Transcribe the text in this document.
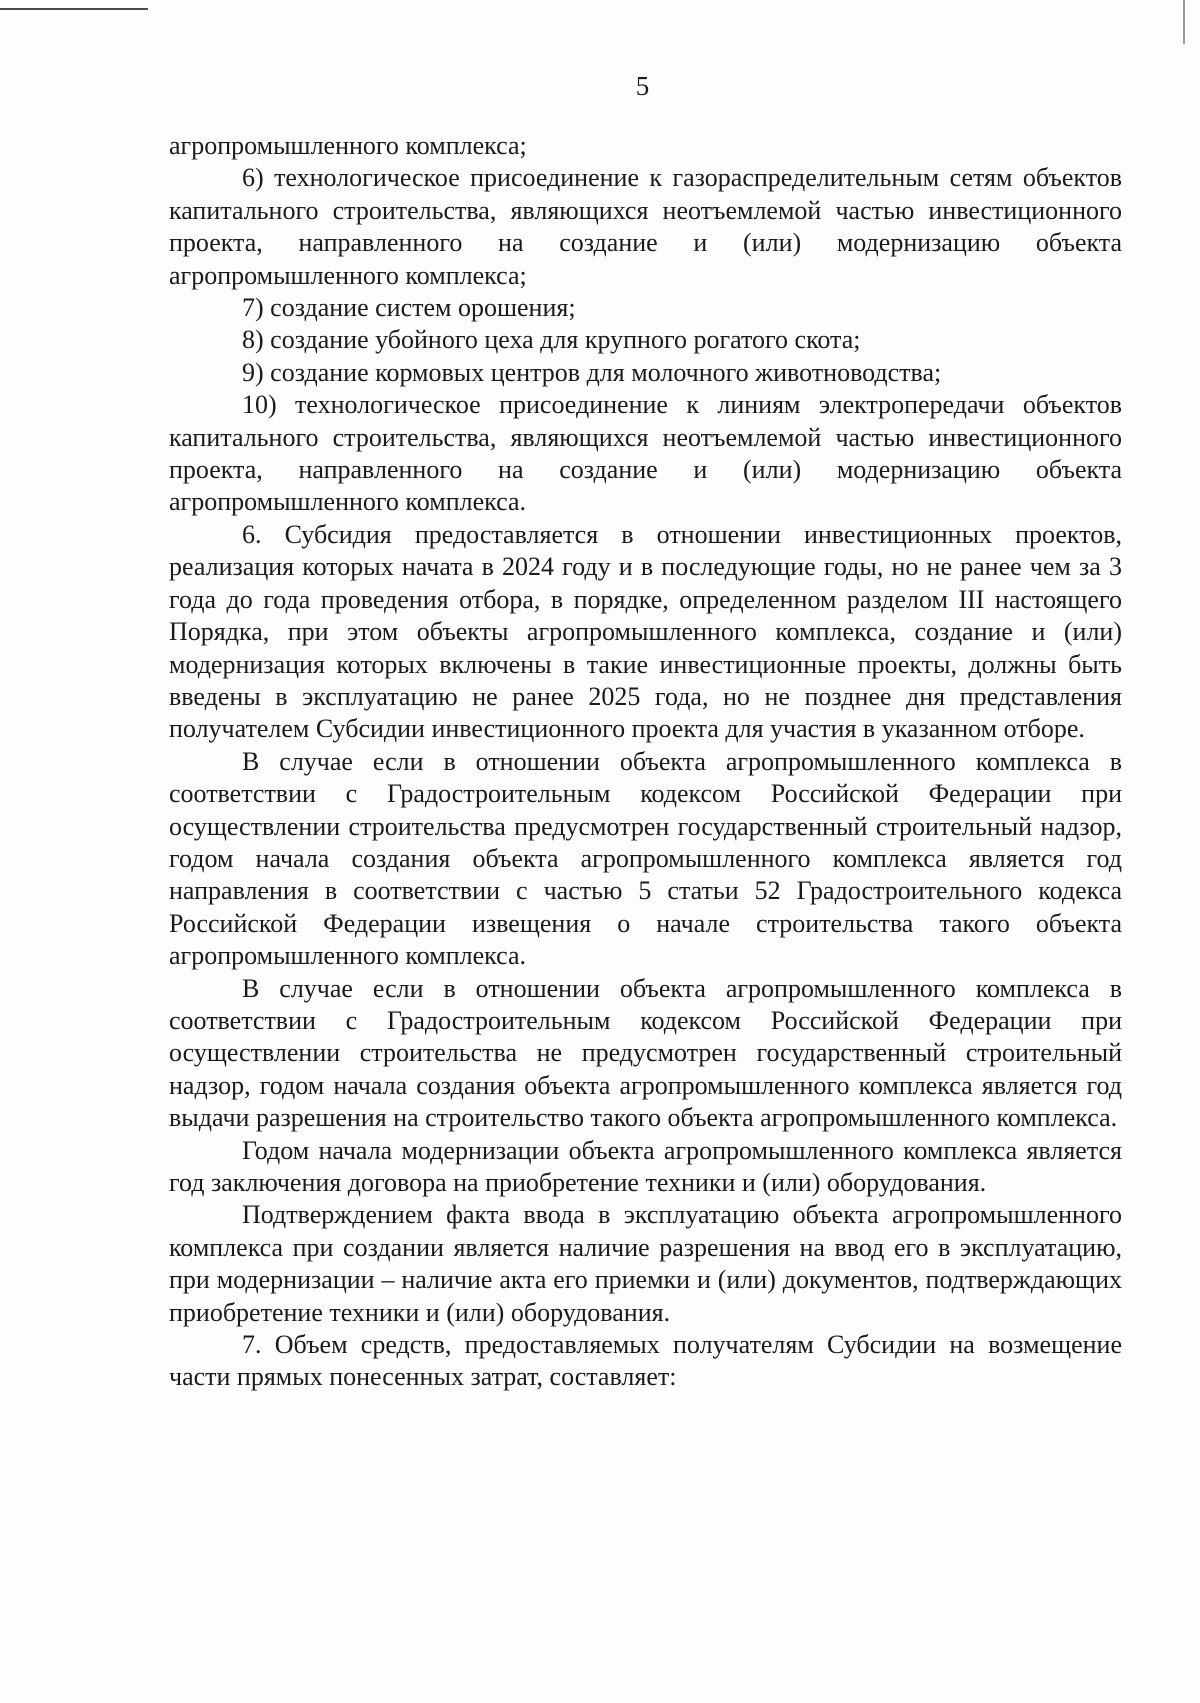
5

агропромышленного комплекса;

6) технологическое присоединение к газораспределительным сетям объектов капитального строительства, являющихся неотъемлемой частью инвестиционного проекта, направленного на создание и (или) модернизацию объекта агропромышленного комплекса;

7) создание систем орошения;

8) создание убойного цеха для крупного рогатого скота;

9) создание кормовых центров для молочного животноводства;

10) технологическое присоединение к линиям электропередачи объектов капитального строительства, являющихся неотъемлемой частью инвестиционного проекта, направленного на создание и (или) модернизацию объекта агропромышленного комплекса.

6. Субсидия предоставляется в отношении инвестиционных проектов, реализация которых начата в 2024 году и в последующие годы, но не ранее чем за 3 года до года проведения отбора, в порядке, определенном разделом III настоящего Порядка, при этом объекты агропромышленного комплекса, создание и (или) модернизация которых включены в такие инвестиционные проекты, должны быть введены в эксплуатацию не ранее 2025 года, но не позднее дня представления получателем Субсидии инвестиционного проекта для участия в указанном отборе.

В случае если в отношении объекта агропромышленного комплекса в соответствии с Градостроительным кодексом Российской Федерации при осуществлении строительства предусмотрен государственный строительный надзор, годом начала создания объекта агропромышленного комплекса является год направления в соответствии с частью 5 статьи 52 Градостроительного кодекса Российской Федерации извещения о начале строительства такого объекта агропромышленного комплекса.

В случае если в отношении объекта агропромышленного комплекса в соответствии с Градостроительным кодексом Российской Федерации при осуществлении строительства не предусмотрен государственный строительный надзор, годом начала создания объекта агропромышленного комплекса является год выдачи разрешения на строительство такого объекта агропромышленного комплекса.

Годом начала модернизации объекта агропромышленного комплекса является год заключения договора на приобретение техники и (или) оборудования.

Подтверждением факта ввода в эксплуатацию объекта агропромышленного комплекса при создании является наличие разрешения на ввод его в эксплуатацию, при модернизации – наличие акта его приемки и (или) документов, подтверждающих приобретение техники и (или) оборудования.

7. Объем средств, предоставляемых получателям Субсидии на возмещение части прямых понесенных затрат, составляет:
